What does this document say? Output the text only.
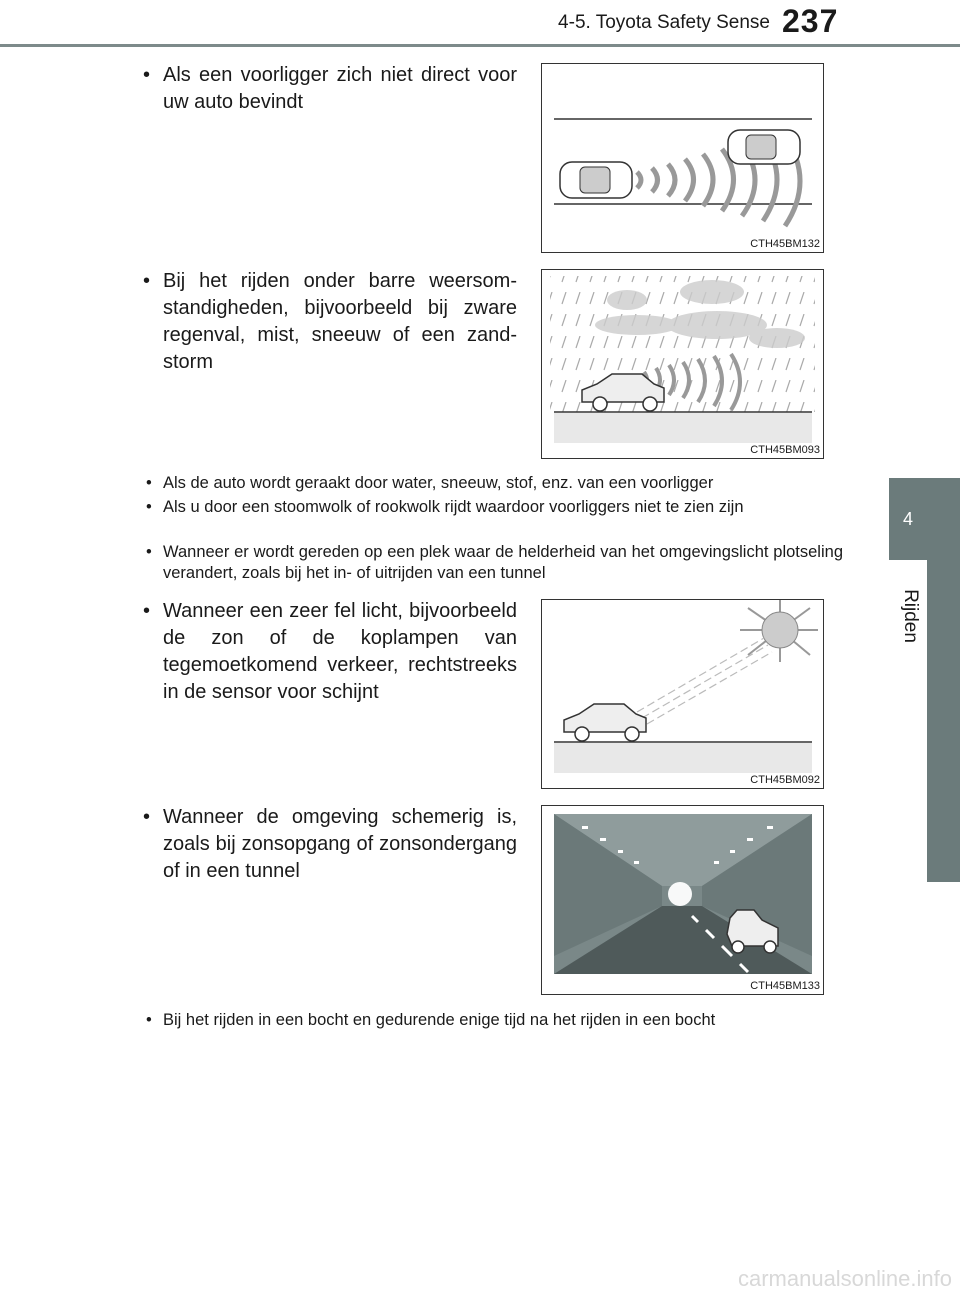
4-5. Toyota Safety Sense 237
4
Rijden
• Als een voorligger zich niet direct voor uw auto bevindt
CTH45BM132
• Bij het rijden onder barre weersomstandigheden, bijvoorbeeld bij zware regenval, mist, sneeuw of een zandstorm
CTH45BM093
• Als de auto wordt geraakt door water, sneeuw, stof, enz. van een voorligger
• Als u door een stoomwolk of rookwolk rijdt waardoor voorliggers niet te zien zijn
• Wanneer er wordt gereden op een plek waar de helderheid van het omgevingslicht plotseling verandert, zoals bij het in- of uitrijden van een tunnel
• Wanneer een zeer fel licht, bijvoorbeeld de zon of de koplampen van tegemoetkomend verkeer, rechtstreeks in de sensor voor schijnt
CTH45BM092
• Wanneer de omgeving schemerig is, zoals bij zonsopgang of zonsondergang of in een tunnel
CTH45BM133
• Bij het rijden in een bocht en gedurende enige tijd na het rijden in een bocht
carmanualsonline.info
